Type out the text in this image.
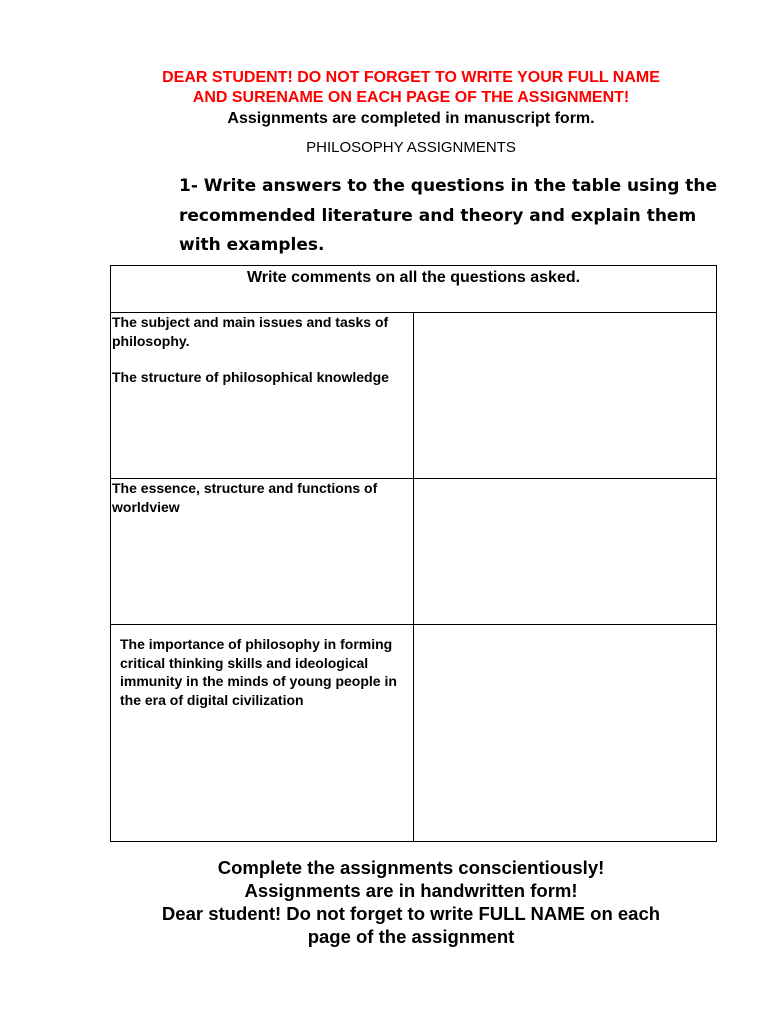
DEAR STUDENT! DO NOT FORGET TO WRITE YOUR FULL NAME
AND SURENAME ON EACH PAGE OF THE ASSIGNMENT!
Assignments are completed in manuscript form.
PHILOSOPHY ASSIGNMENTS
1- Write answers to the questions in the table using the recommended literature and theory and explain them with examples.
Write comments on all the questions asked.	

The subject and main issues and tasks of philosophy.

The structure of philosophical knowledge	

The essence, structure and functions of worldview	

The importance of philosophy in forming critical thinking skills and ideological immunity in the minds of young people in the era of digital civilization	

Complete the assignments conscientiously!
Assignments are in handwritten form!
Dear student! Do not forget to write FULL NAME on each
page of the assignment
